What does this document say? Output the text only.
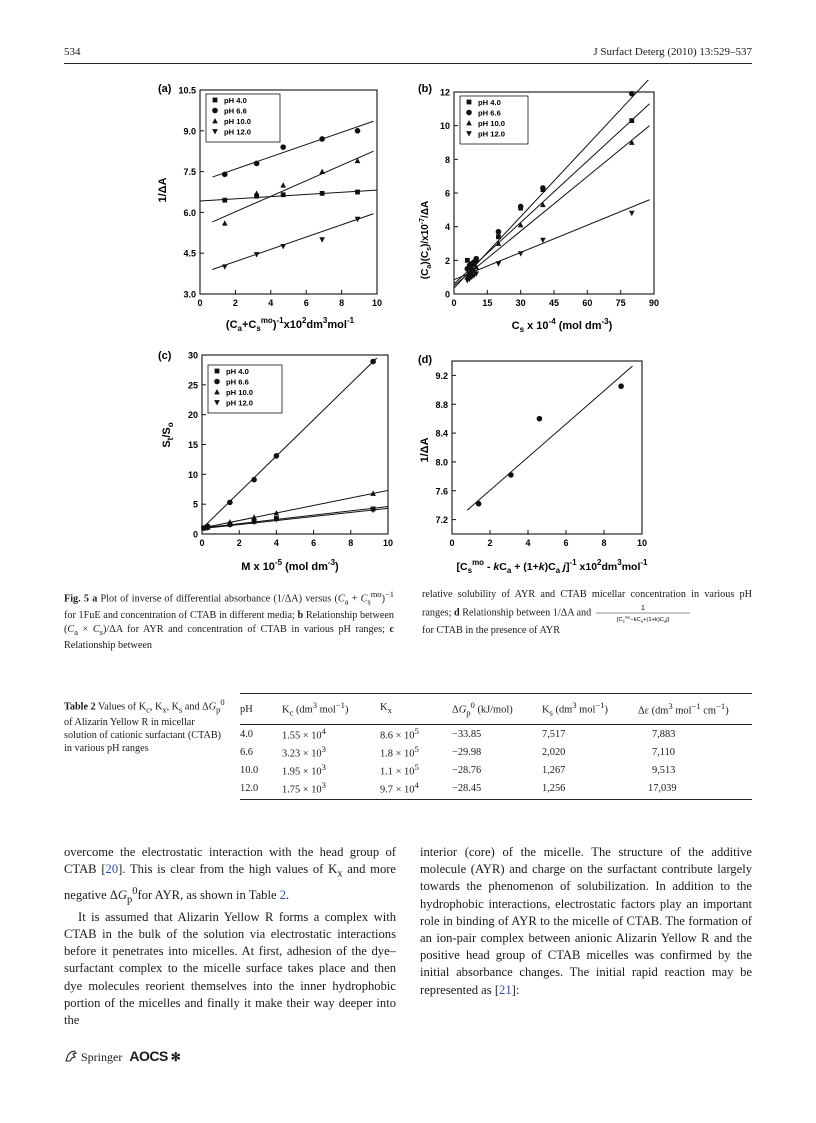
534	J Surfact Deterg (2010) 13:529–537
(a)
3.0
4.5
6.0
7.5
9.0
10.5
0	2	4	6	8	10
pH 4.0
pH 6.6
pH 10.0
pH 12.0
1/ΔA
$(C_a+C_s^{mo})^{-1}x10^2dm^3mol^{-1}$
(b)
0
2
4
6
8
10
12
0	15	30	45	60	75	90
pH 4.0
pH 6.6
pH 10.0
pH 12.0
$(C_a)(C_s)/x10^{-7}/\Delta A$
$C_s$ x $10^{-4}$ (mol $dm^{-3}$)
(c)
0
5
10
15
20
25
30
0	2	4	6	8	10
pH 4.0
pH 6.6
pH 10.0
pH 12.0
$S_t/S_o$
M x $10^{-5}$ (mol $dm^{-3}$)
(d)
7.2
7.6
8.0
8.4
8.8
9.2
0	2	4	6	8	10
1/ΔA
[$C_s^{mo} - kC_a + (1+k)C_a$ j]$^{-1}$ $x10^2dm^3mol^{-1}$
Fig. 5 a Plot of inverse of differential absorbance (1/ΔA) versus $(C_a + C_s^{mo})^{-1}$ for 1FuE and concentration of CTAB in different media; b Relationship between $(C_a \times C_s)/\Delta A$ for AYR and concentration of CTAB in various pH ranges; c Relationship between
relative solubility of AYR and CTAB micellar concentration in various pH ranges; d Relationship between 1/ΔA and	1
$[C_s^{mo}-kC_a+(1+k)C_aj]$
for CTAB in the presence of AYR
Table 2 Values of $K_c$, $K_x$, $K_s$ and $\Delta G_p^0$ of Alizarin Yellow R in micellar solution of cationic surfactant (CTAB) in various pH ranges
pH	$K_c$ ($dm^3$ mol$^{-1}$)	$K_x$	$\Delta G_p^0$ (kJ/mol)	$K_s$ ($dm^3$ mol$^{-1}$)	Δε ($dm^3$ mol$^{-1}$ $cm^{-1}$)

4.0	$1.55 \times 10^4$	$8.6 \times 10^5$	−33.85	7,517	7,883
6.6	$3.23 \times 10^3$	$1.8 \times 10^5$	−29.98	2,020	7,110
10.0	$1.95 \times 10^3$	$1.1 \times 10^5$	−28.76	1,267	9,513
12.0	$1.75 \times 10^3$	$9.7 \times 10^4$	−28.45	1,256	17,039

overcome the electrostatic interaction with the head group of CTAB [20]. This is clear from the high values of $K_x$ and more negative $\Delta G_p^0for$ AYR, as shown in Table 2.

It is assumed that Alizarin Yellow R forms a complex with CTAB in the bulk of the solution via electrostatic interactions before it penetrates into micelles. At first, adhesion of the dye–surfactant complex to the micelle surface takes place and then dye molecules reorient themselves into the inner hydrophobic portion of the micelles and finally it make their way deeper into the

interior (core) of the micelle. The structure of the additive molecule (AYR) and charge on the surfactant contribute largely towards the phenomenon of solubilization. In addition to the hydrophobic interactions, electrostatic factors play an important role in binding of AYR to the micelle of CTAB. The formation of an ion-pair complex between anionic Alizarin Yellow R and the positive head group of CTAB micelles was confirmed by the initial absorbance changes. The initial rapid reaction may be represented as [21]:

Springer AOCS ✻
